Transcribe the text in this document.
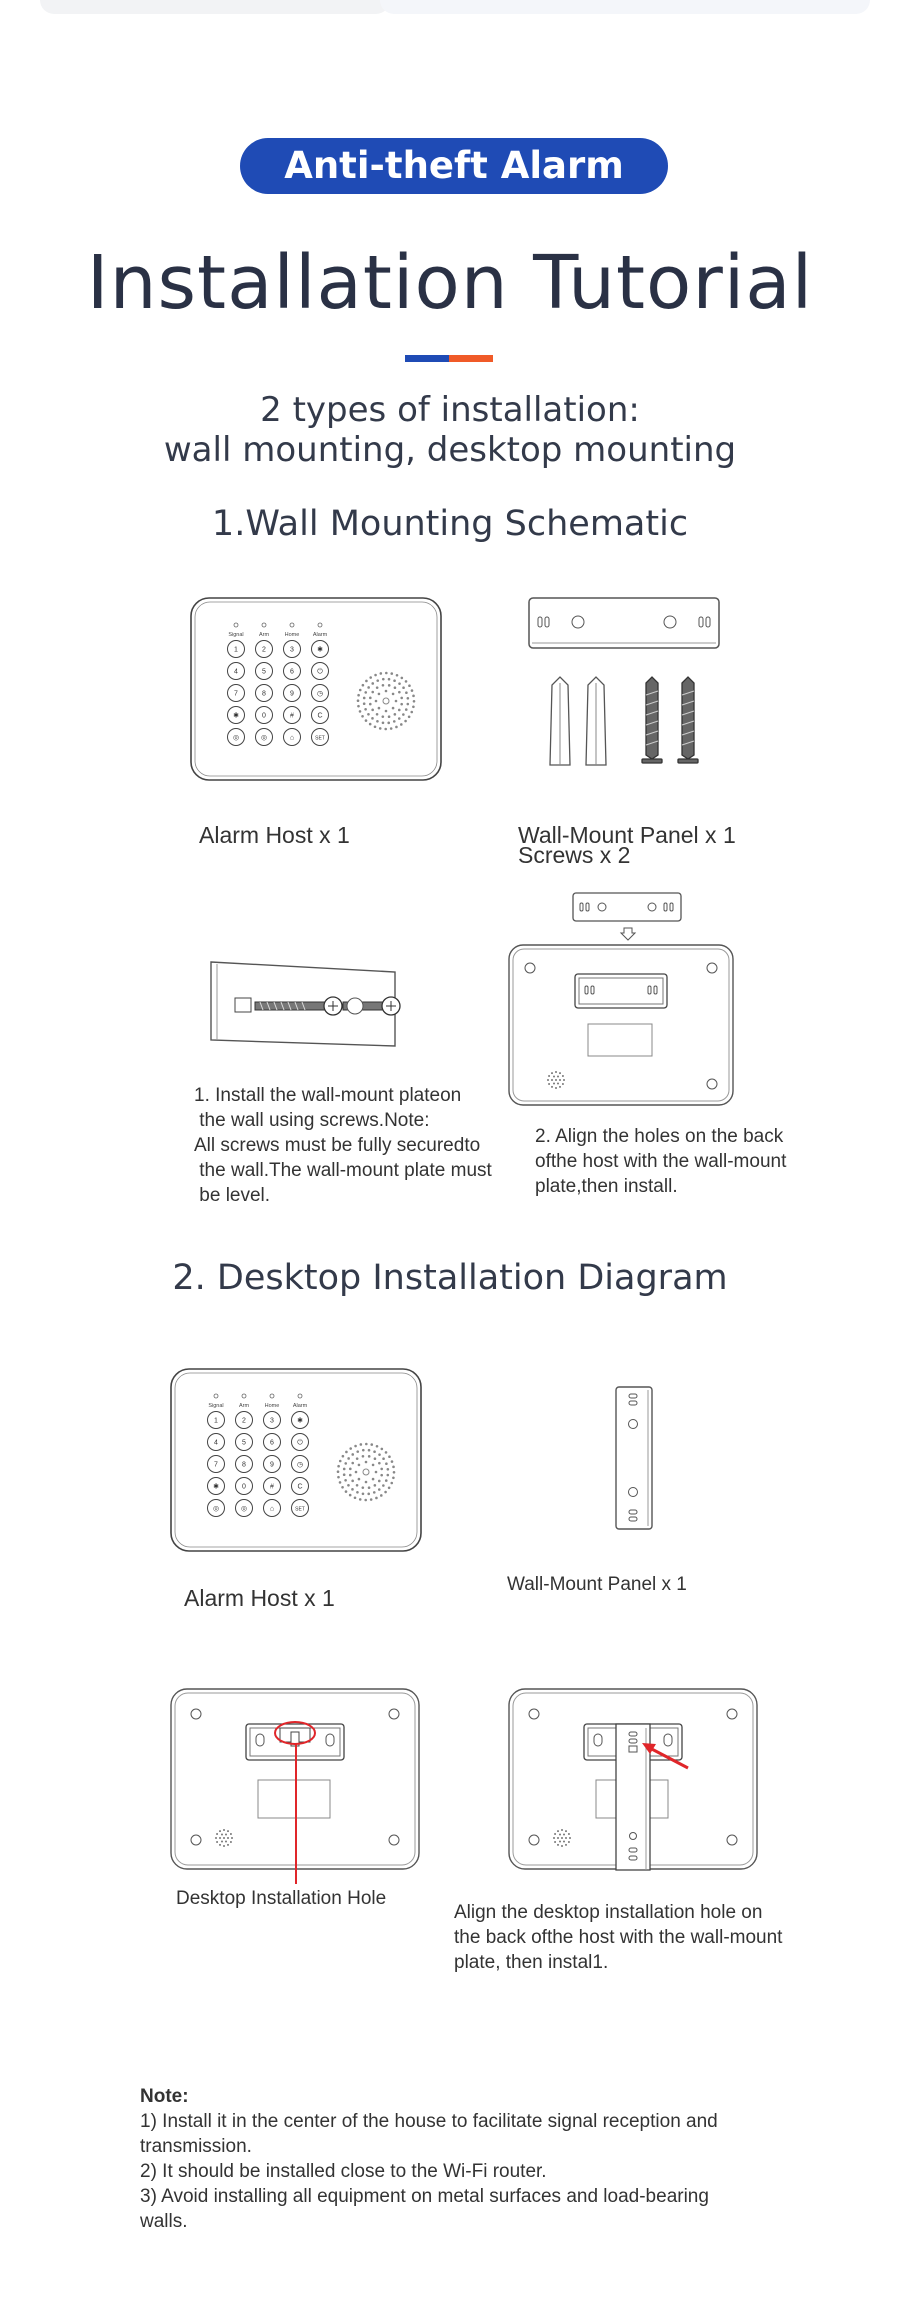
Anti-theft Alarm Host
Installation Tutorial
2 types of installation:
wall mounting, desktop mounting
1.Wall Mounting Schematic
Signal	Arm	Home Alarm
1	2	3	✱
4	5	6	⏻
7	8	9	◷
✱	0	#	C
◎	◎	⌂	SET
Alarm Host x 1	Wall-Mount Panel x 1
Screws x 2
1. Install the wall-mount plateon
the wall using screws.Note:
All screws must be fully securedto
the wall.The wall-mount plate must
be level.
2. Align the holes on the back
ofthe host with the wall-mount
plate,then install.
2. Desktop Installation Diagram
Signal	Arm	Home Alarm
1	2	3	✱
4	5	6	⏻
7	8	9	◷
✱	0	#	C
◎	◎	⌂	SET
Alarm Host x 1
Wall-Mount Panel x 1
Desktop Installation Hole
Align the desktop installation hole on
the back ofthe host with the wall-mount
plate, then instal1.
Note:
1) Install it in the center of the house to facilitate signal reception and
transmission.
2) It should be installed close to the Wi-Fi router.
3) Avoid installing all equipment on metal surfaces and load-bearing
walls.
